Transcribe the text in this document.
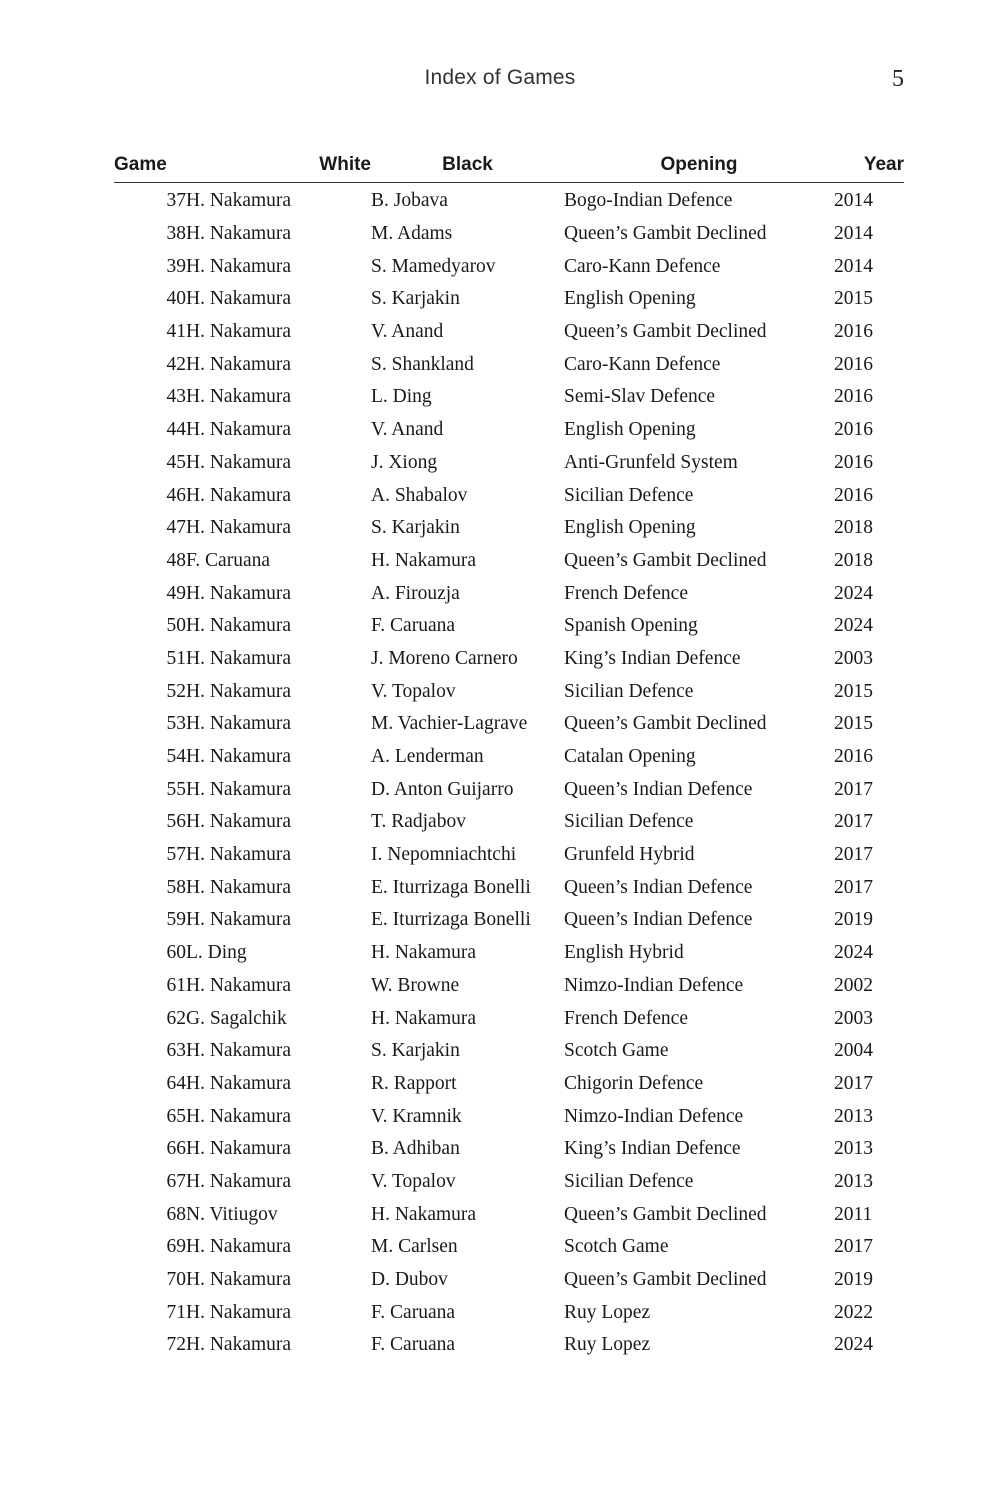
Index of Games	5
Game	White	Black	Opening	Year
37	H. Nakamura	B. Jobava	Bogo-Indian Defence	2014
38	H. Nakamura	M. Adams	Queen’s Gambit Declined	2014
39	H. Nakamura	S. Mamedyarov	Caro-Kann Defence	2014
40	H. Nakamura	S. Karjakin	English Opening	2015
41	H. Nakamura	V. Anand	Queen’s Gambit Declined	2016
42	H. Nakamura	S. Shankland	Caro-Kann Defence	2016
43	H. Nakamura	L. Ding	Semi-Slav Defence	2016
44	H. Nakamura	V. Anand	English Opening	2016
45	H. Nakamura	J. Xiong	Anti-Grunfeld System	2016
46	H. Nakamura	A. Shabalov	Sicilian Defence	2016
47	H. Nakamura	S. Karjakin	English Opening	2018
48	F. Caruana	H. Nakamura	Queen’s Gambit Declined	2018
49	H. Nakamura	A. Firouzja	French Defence	2024
50	H. Nakamura	F. Caruana	Spanish Opening	2024
51	H. Nakamura	J. Moreno Carnero	King’s Indian Defence	2003
52	H. Nakamura	V. Topalov	Sicilian Defence	2015
53	H. Nakamura	M. Vachier-Lagrave	Queen’s Gambit Declined	2015
54	H. Nakamura	A. Lenderman	Catalan Opening	2016
55	H. Nakamura	D. Anton Guijarro	Queen’s Indian Defence	2017
56	H. Nakamura	T. Radjabov	Sicilian Defence	2017
57	H. Nakamura	I. Nepomniachtchi	Grunfeld Hybrid	2017
58	H. Nakamura	E. Iturrizaga Bonelli	Queen’s Indian Defence	2017
59	H. Nakamura	E. Iturrizaga Bonelli	Queen’s Indian Defence	2019
60	L. Ding	H. Nakamura	English Hybrid	2024
61	H. Nakamura	W. Browne	Nimzo-Indian Defence	2002
62	G. Sagalchik	H. Nakamura	French Defence	2003
63	H. Nakamura	S. Karjakin	Scotch Game	2004
64	H. Nakamura	R. Rapport	Chigorin Defence	2017
65	H. Nakamura	V. Kramnik	Nimzo-Indian Defence	2013
66	H. Nakamura	B. Adhiban	King’s Indian Defence	2013
67	H. Nakamura	V. Topalov	Sicilian Defence	2013
68	N. Vitiugov	H. Nakamura	Queen’s Gambit Declined	2011
69	H. Nakamura	M. Carlsen	Scotch Game	2017
70	H. Nakamura	D. Dubov	Queen’s Gambit Declined	2019
71	H. Nakamura	F. Caruana	Ruy Lopez	2022
72	H. Nakamura	F. Caruana	Ruy Lopez	2024
